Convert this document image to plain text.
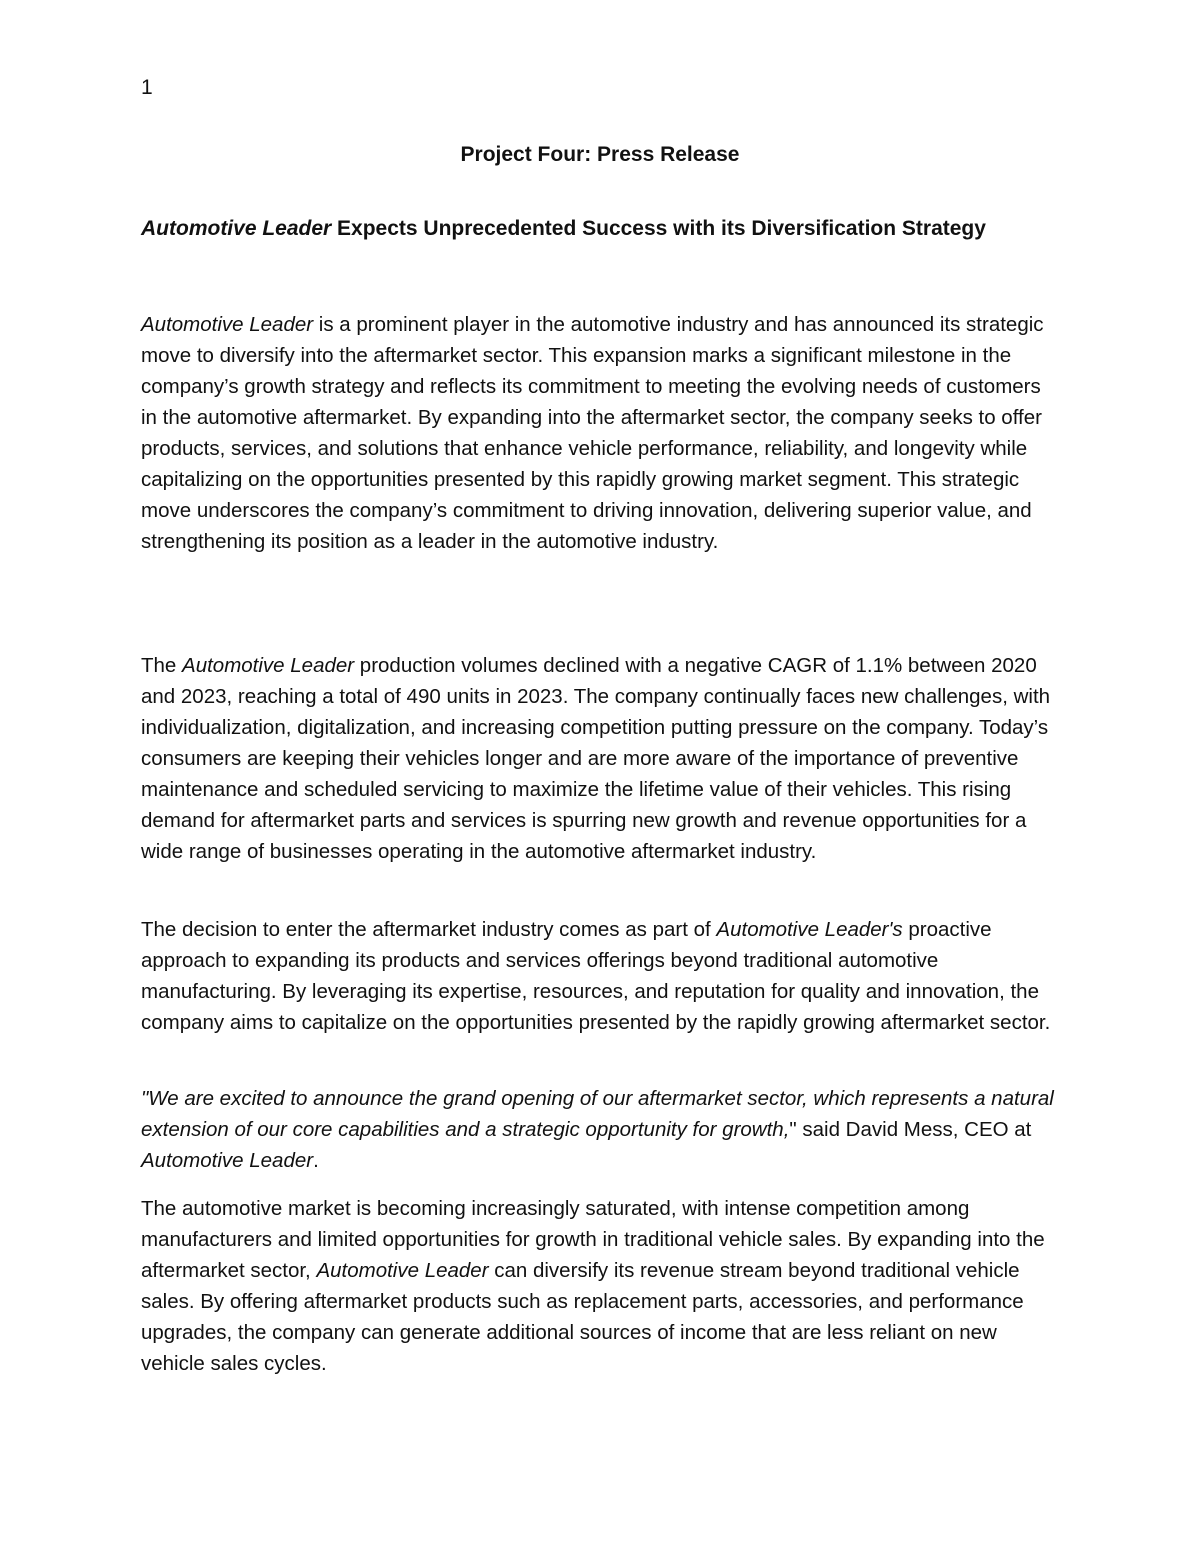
1
Project Four: Press Release
Automotive Leader Expects Unprecedented Success with its Diversification Strategy

Automotive Leader is a prominent player in the automotive industry and has announced its strategic move to diversify into the aftermarket sector. This expansion marks a significant milestone in the company’s growth strategy and reflects its commitment to meeting the evolving needs of customers in the automotive aftermarket. By expanding into the aftermarket sector, the company seeks to offer products, services, and solutions that enhance vehicle performance, reliability, and longevity while capitalizing on the opportunities presented by this rapidly growing market segment. This strategic move underscores the company’s commitment to driving innovation, delivering superior value, and strengthening its position as a leader in the automotive industry.

The Automotive Leader production volumes declined with a negative CAGR of 1.1% between 2020 and 2023, reaching a total of 490 units in 2023. The company continually faces new challenges, with individualization, digitalization, and increasing competition putting pressure on the company. Today’s consumers are keeping their vehicles longer and are more aware of the importance of preventive maintenance and scheduled servicing to maximize the lifetime value of their vehicles. This rising demand for aftermarket parts and services is spurring new growth and revenue opportunities for a wide range of businesses operating in the automotive aftermarket industry.

The decision to enter the aftermarket industry comes as part of Automotive Leader's proactive approach to expanding its products and services offerings beyond traditional automotive manufacturing. By leveraging its expertise, resources, and reputation for quality and innovation, the company aims to capitalize on the opportunities presented by the rapidly growing aftermarket sector.

"We are excited to announce the grand opening of our aftermarket sector, which represents a natural extension of our core capabilities and a strategic opportunity for growth," said David Mess, CEO at Automotive Leader.

The automotive market is becoming increasingly saturated, with intense competition among manufacturers and limited opportunities for growth in traditional vehicle sales. By expanding into the aftermarket sector, Automotive Leader can diversify its revenue stream beyond traditional vehicle sales. By offering aftermarket products such as replacement parts, accessories, and performance upgrades, the company can generate additional sources of income that are less reliant on new vehicle sales cycles.
